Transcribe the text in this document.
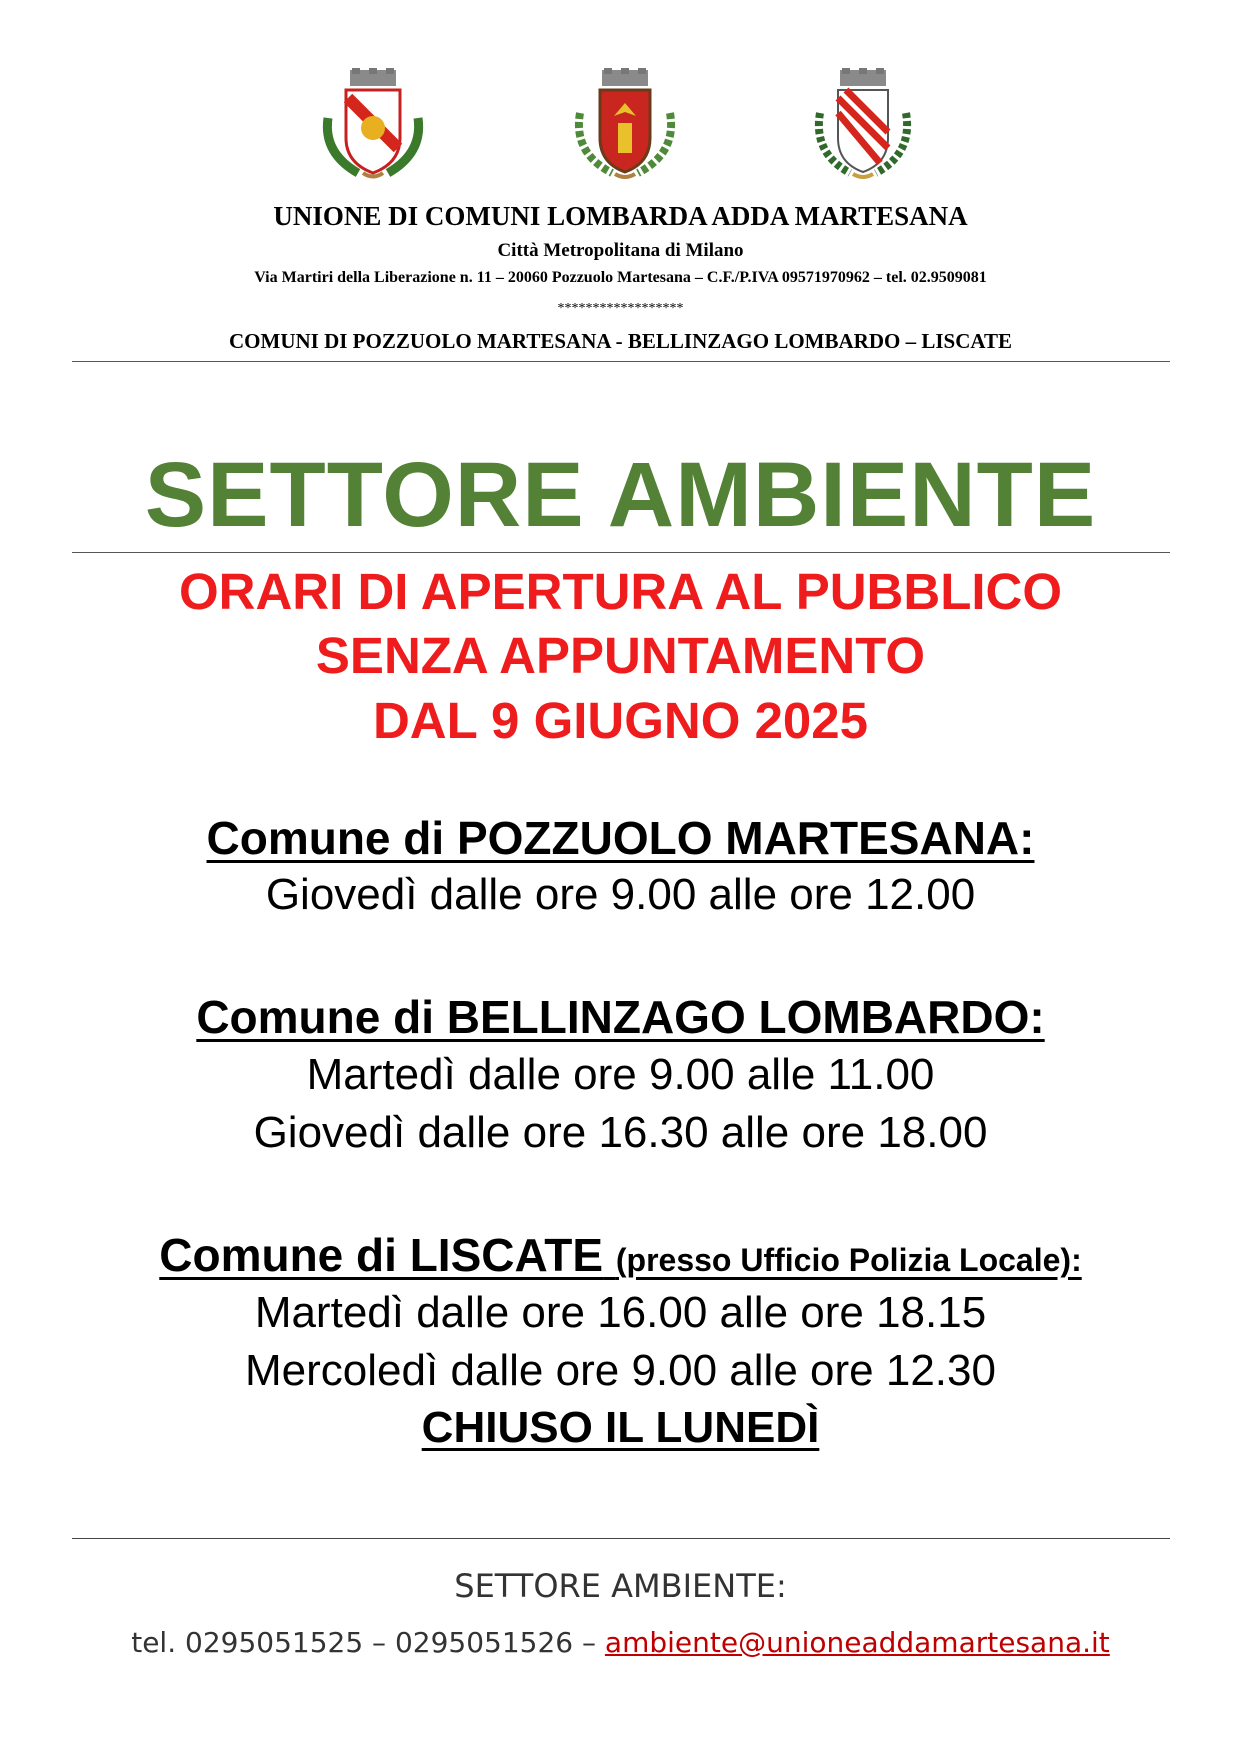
UNIONE DI COMUNI LOMBARDA ADDA MARTESANA
Città Metropolitana di Milano
Via Martiri della Liberazione n. 11 – 20060 Pozzuolo Martesana – C.F./P.IVA 09571970962 – tel. 02.9509081
******************
COMUNI DI POZZUOLO MARTESANA - BELLINZAGO LOMBARDO – LISCATE
SETTORE AMBIENTE
ORARI DI APERTURA AL PUBBLICO
SENZA APPUNTAMENTO
DAL 9 GIUGNO 2025
Comune di POZZUOLO MARTESANA:
Giovedì dalle ore 9.00 alle ore 12.00
Comune di BELLINZAGO LOMBARDO:
Martedì dalle ore 9.00 alle 11.00
Giovedì dalle ore 16.30 alle ore 18.00
Comune di LISCATE (presso Ufficio Polizia Locale):
Martedì dalle ore 16.00 alle ore 18.15
Mercoledì dalle ore 9.00 alle ore 12.30
CHIUSO IL LUNEDÌ
SETTORE AMBIENTE:
tel. 0295051525 – 0295051526 – ambiente@unioneaddamartesana.it
